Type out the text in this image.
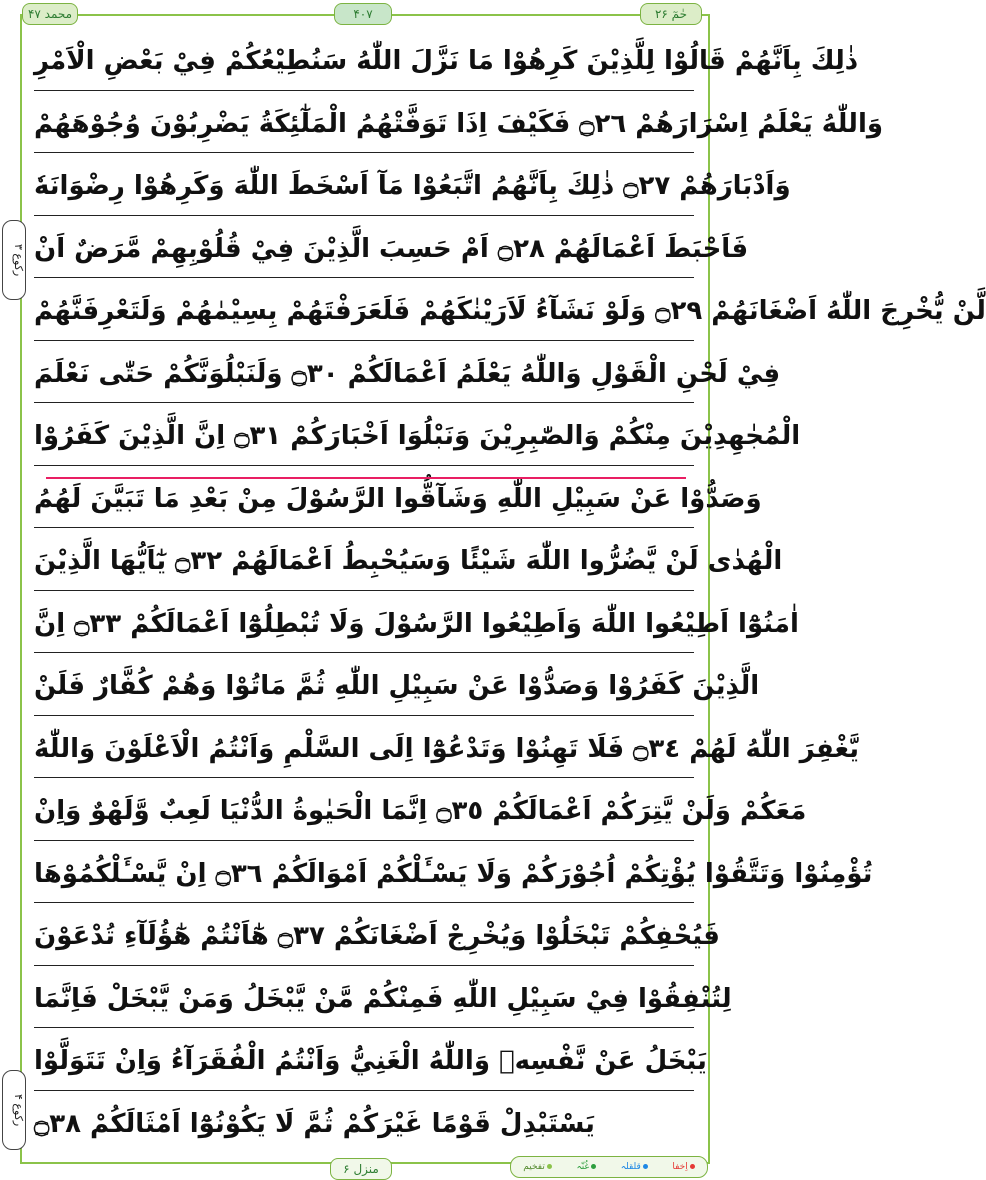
محمد ۴۷	۴۰۷	حٰمٓ ۲۶
رکوع ۳
رکوع ۴
ذٰلِكَ بِاَنَّهُمْ قَالُوْا لِلَّذِيْنَ كَرِهُوْا مَا نَزَّلَ اللّٰهُ سَنُطِيْعُكُمْ فِيْ بَعْضِ الْاَمْرِ
وَاللّٰهُ يَعْلَمُ اِسْرَارَهُمْ ۝٢٦ فَكَيْفَ اِذَا تَوَفَّتْهُمُ الْمَلٰٓئِكَةُ يَضْرِبُوْنَ وُجُوْهَهُمْ
وَاَدْبَارَهُمْ ۝٢٧ ذٰلِكَ بِاَنَّهُمُ اتَّبَعُوْا مَآ اَسْخَطَ اللّٰهَ وَكَرِهُوْا رِضْوَانَهٗ
فَاَحْبَطَ اَعْمَالَهُمْ ۝٢٨ اَمْ حَسِبَ الَّذِيْنَ فِيْ قُلُوْبِهِمْ مَّرَضٌ اَنْ
لَّنْ يُّخْرِجَ اللّٰهُ اَضْغَانَهُمْ ۝٢٩ وَلَوْ نَشَآءُ لَاَرَيْنٰكَهُمْ فَلَعَرَفْتَهُمْ بِسِيْمٰهُمْ وَلَتَعْرِفَنَّهُمْ
فِيْ لَحْنِ الْقَوْلِ وَاللّٰهُ يَعْلَمُ اَعْمَالَكُمْ ۝٣٠ وَلَنَبْلُوَنَّكُمْ حَتّٰى نَعْلَمَ
الْمُجٰهِدِيْنَ مِنْكُمْ وَالصّٰبِرِيْنَ وَنَبْلُوَا اَخْبَارَكُمْ ۝٣١ اِنَّ الَّذِيْنَ كَفَرُوْا
وَصَدُّوْا عَنْ سَبِيْلِ اللّٰهِ وَشَآقُّوا الرَّسُوْلَ مِنْ بَعْدِ مَا تَبَيَّنَ لَهُمُ
الْهُدٰى لَنْ يَّضُرُّوا اللّٰهَ شَيْئًا وَسَيُحْبِطُ اَعْمَالَهُمْ ۝٣٢ يٰٓاَيُّهَا الَّذِيْنَ
اٰمَنُوْٓا اَطِيْعُوا اللّٰهَ وَاَطِيْعُوا الرَّسُوْلَ وَلَا تُبْطِلُوْٓا اَعْمَالَكُمْ ۝٣٣ اِنَّ
الَّذِيْنَ كَفَرُوْا وَصَدُّوْا عَنْ سَبِيْلِ اللّٰهِ ثُمَّ مَاتُوْا وَهُمْ كُفَّارٌ فَلَنْ
يَّغْفِرَ اللّٰهُ لَهُمْ ۝٣٤ فَلَا تَهِنُوْا وَتَدْعُوْٓا اِلَى السَّلْمِ وَاَنْتُمُ الْاَعْلَوْنَ وَاللّٰهُ
مَعَكُمْ وَلَنْ يَّتِرَكُمْ اَعْمَالَكُمْ ۝٣٥ اِنَّمَا الْحَيٰوةُ الدُّنْيَا لَعِبٌ وَّلَهْوٌ وَاِنْ
تُؤْمِنُوْا وَتَتَّقُوْا يُؤْتِكُمْ اُجُوْرَكُمْ وَلَا يَسْـَٔلْكُمْ اَمْوَالَكُمْ ۝٣٦ اِنْ يَّسْـَٔلْكُمُوْهَا
فَيُحْفِكُمْ تَبْخَلُوْا وَيُخْرِجْ اَضْغَانَكُمْ ۝٣٧ هٰٓاَنْتُمْ هٰٓؤُلَآءِ تُدْعَوْنَ
لِتُنْفِقُوْا فِيْ سَبِيْلِ اللّٰهِ فَمِنْكُمْ مَّنْ يَّبْخَلُ وَمَنْ يَّبْخَلْ فَاِنَّمَا
يَبْخَلُ عَنْ نَّفْسِهٖ وَاللّٰهُ الْغَنِيُّ وَاَنْتُمُ الْفُقَرَآءُ وَاِنْ تَتَوَلَّوْا
يَسْتَبْدِلْ قَوْمًا غَيْرَكُمْ ثُمَّ لَا يَكُوْنُوْٓا اَمْثَالَكُمْ ۝٣٨
منزل ۶	اِخفا
قلقلہ
غُنّہ
تفخیم
